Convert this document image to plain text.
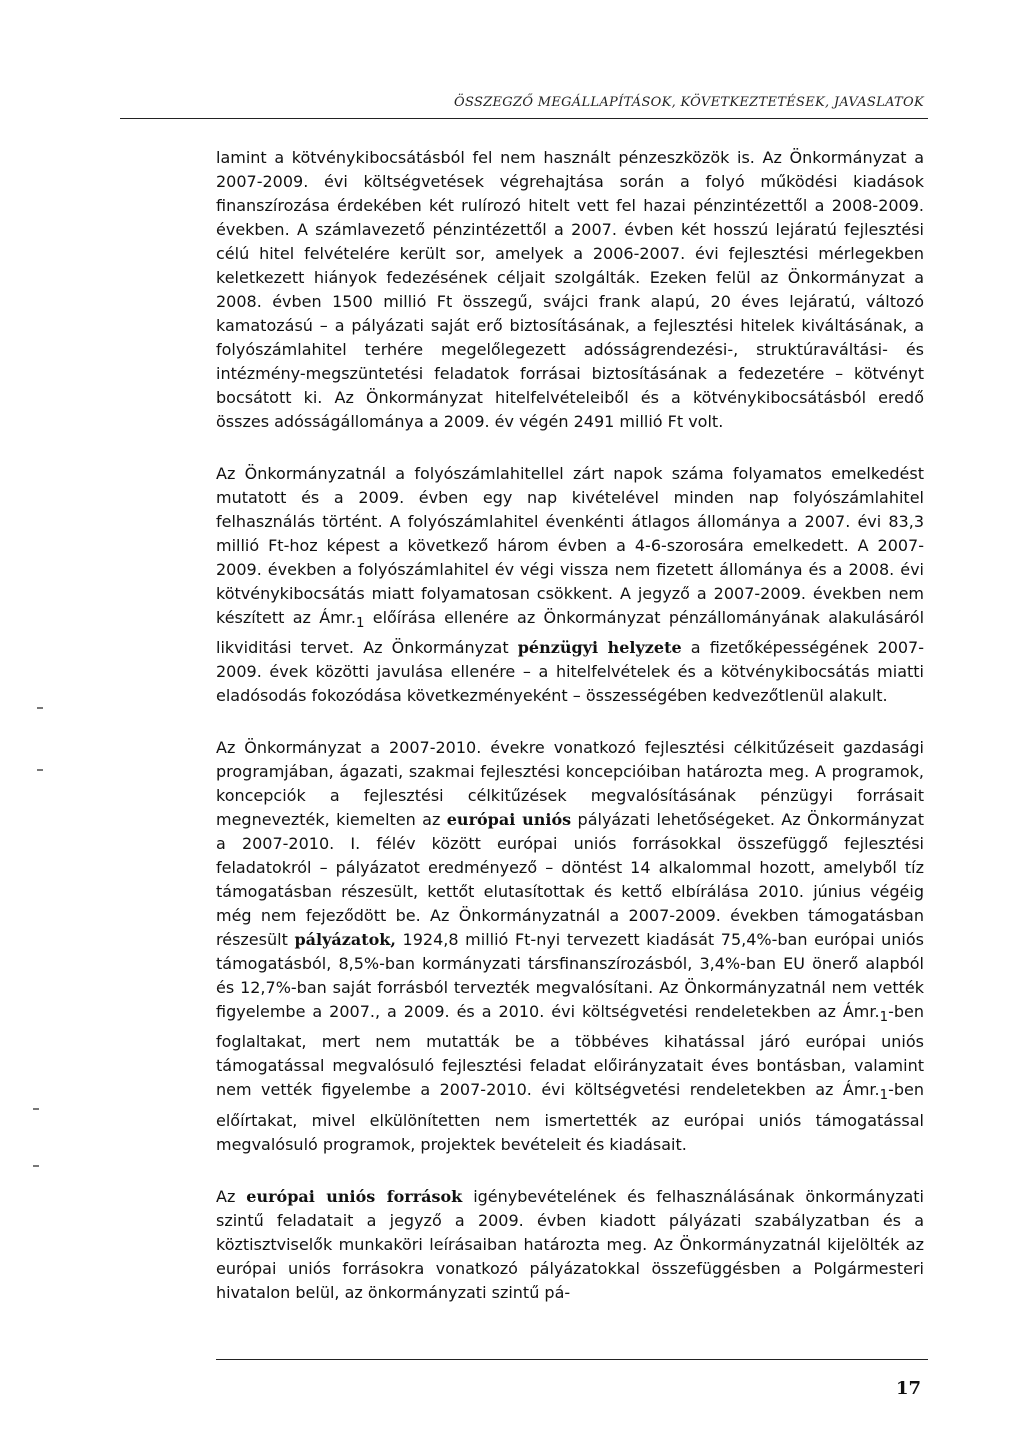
ÖSSZEGZŐ MEGÁLLAPÍTÁSOK, KÖVETKEZTETÉSEK, JAVASLATOK

lamint a kötvénykibocsátásból fel nem használt pénzeszközök is. Az Önkormányzat a 2007-2009. évi költségvetések végrehajtása során a folyó működési kiadások finanszírozása érdekében két rulírozó hitelt vett fel hazai pénzintézettől a 2008-2009. években. A számlavezető pénzintézettől a 2007. évben két hosszú lejáratú fejlesztési célú hitel felvételére került sor, amelyek a 2006-2007. évi fejlesztési mérlegekben keletkezett hiányok fedezésének céljait szolgálták. Ezeken felül az Önkormányzat a 2008. évben 1500 millió Ft összegű, svájci frank alapú, 20 éves lejáratú, változó kamatozású – a pályázati saját erő biztosításának, a fejlesztési hitelek kiváltásának, a folyószámlahitel terhére megelőlegezett adósságrendezési-, struktúraváltási- és intézmény-megszüntetési feladatok forrásai biztosításának a fedezetére – kötvényt bocsátott ki. Az Önkormányzat hitelfelvételeiből és a kötvénykibocsátásból eredő összes adósságállománya a 2009. év végén 2491 millió Ft volt.

Az Önkormányzatnál a folyószámlahitellel zárt napok száma folyamatos emelkedést mutatott és a 2009. évben egy nap kivételével minden nap folyószámlahitel felhasználás történt. A folyószámlahitel évenkénti átlagos állománya a 2007. évi 83,3 millió Ft-hoz képest a következő három évben a 4-6-szorosára emelkedett. A 2007-2009. években a folyószámlahitel év végi vissza nem fizetett állománya és a 2008. évi kötvénykibocsátás miatt folyamatosan csökkent. A jegyző a 2007-2009. években nem készített az $Ámr._1$ előírása ellenére az Önkormányzat pénzállományának alakulásáról likviditási tervet. Az Önkormányzat pénzügyi helyzete a fizetőképességének 2007-2009. évek közötti javulása ellenére – a hitelfelvételek és a kötvénykibocsátás miatti eladósodás fokozódása következményeként – összességében kedvezőtlenül alakult.

Az Önkormányzat a 2007-2010. évekre vonatkozó fejlesztési célkitűzéseit gazdasági programjában, ágazati, szakmai fejlesztési koncepcióiban határozta meg. A programok, koncepciók a fejlesztési célkitűzések megvalósításának pénzügyi forrásait megnevezték, kiemelten az európai uniós pályázati lehetőségeket. Az Önkormányzat a 2007-2010. I. félév között európai uniós forrásokkal összefüggő fejlesztési feladatokról – pályázatot eredményező – döntést 14 alkalommal hozott, amelyből tíz támogatásban részesült, kettőt elutasítottak és kettő elbírálása 2010. június végéig még nem fejeződött be. Az Önkormányzatnál a 2007-2009. években támogatásban részesült pályázatok, 1924,8 millió Ft-nyi tervezett kiadását 75,4%-ban európai uniós támogatásból, 8,5%-ban kormányzati társfinanszírozásból, 3,4%-ban EU önerő alapból és 12,7%-ban saját forrásból tervezték megvalósítani. Az Önkormányzatnál nem vették figyelembe a 2007., a 2009. és a 2010. évi költségvetési rendeletekben az $Ámr._1$-ben foglaltakat, mert nem mutatták be a többéves kihatással járó európai uniós támogatással megvalósuló fejlesztési feladat előirányzatait éves bontásban, valamint nem vették figyelembe a 2007-2010. évi költségvetési rendeletekben az $Ámr._1$-ben előírtakat, mivel elkülönítetten nem ismertették az európai uniós támogatással megvalósuló programok, projektek bevételeit és kiadásait.

Az európai uniós források igénybevételének és felhasználásának önkormányzati szintű feladatait a jegyző a 2009. évben kiadott pályázati szabályzatban és a köztisztviselők munkaköri leírásaiban határozta meg. Az Önkormányzatnál kijelölték az európai uniós forrásokra vonatkozó pályázatokkal összefüggésben a Polgármesteri hivatalon belül, az önkormányzati szintű pá-

17
